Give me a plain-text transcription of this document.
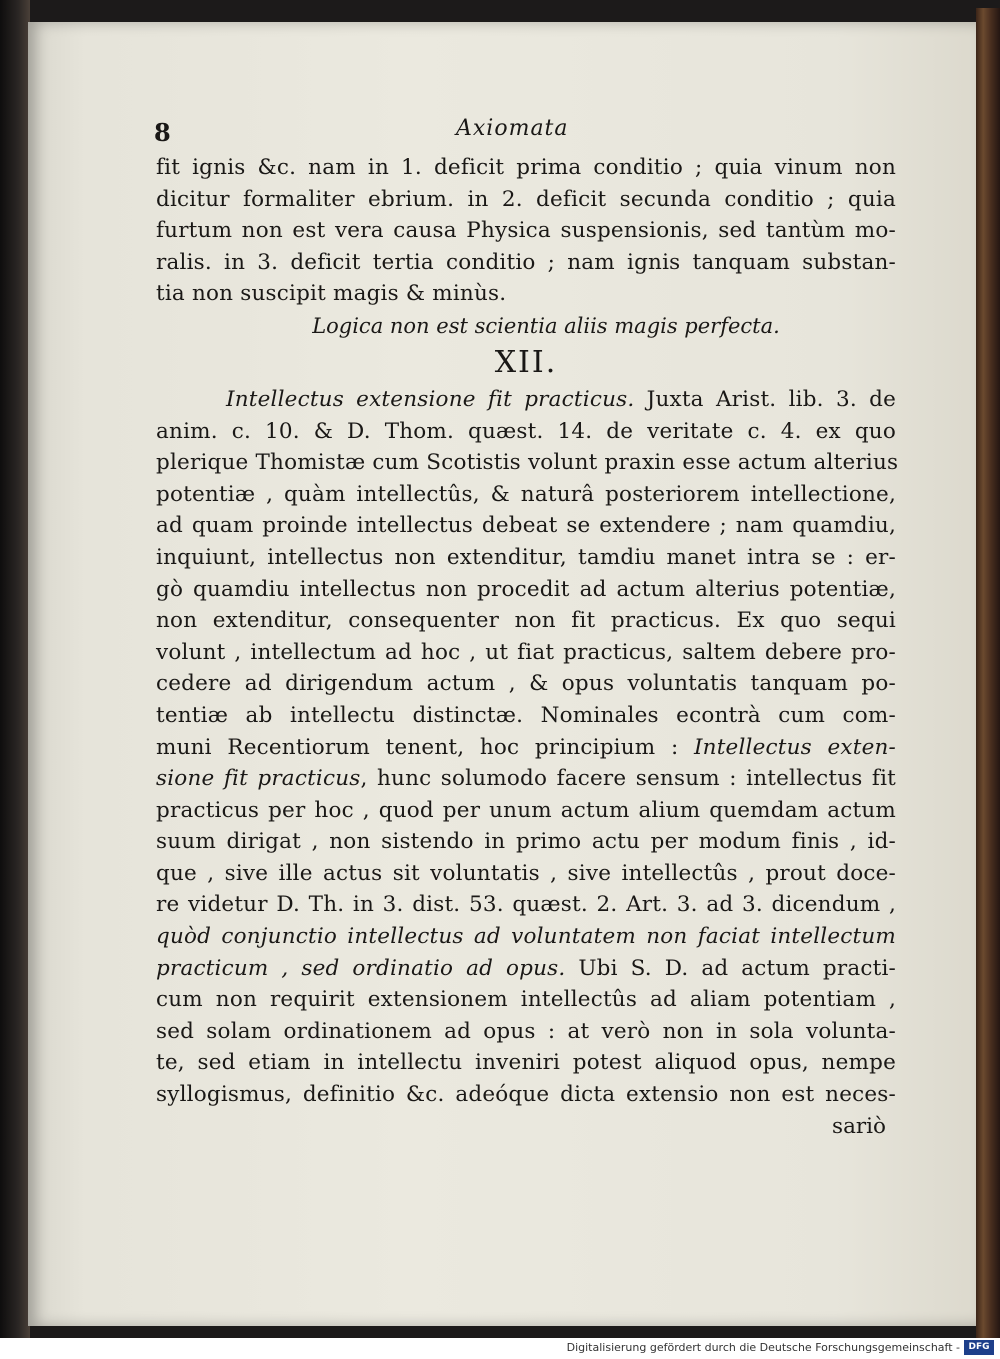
8	Axiomata
fit ignis &c. nam in 1. deficit prima conditio ; quia vinum non
dicitur formaliter ebrium. in 2. deficit secunda conditio ; quia
furtum non est vera causa Physica suspensionis, sed tantùm mo-
ralis. in 3. deficit tertia conditio ; nam ignis tanquam substan-
tia non suscipit magis & minùs.
Logica non est scientia aliis magis perfecta.
XII.
Intellectus extensione fit practicus. Juxta Arist. lib. 3. de
anim. c. 10. & D. Thom. quæst. 14. de veritate c. 4. ex quo
plerique Thomistæ cum Scotistis volunt praxin esse actum alterius
potentiæ , quàm intellectûs, & naturâ posteriorem intellectione,
ad quam proinde intellectus debeat se extendere ; nam quamdiu,
inquiunt, intellectus non extenditur, tamdiu manet intra se : er-
gò quamdiu intellectus non procedit ad actum alterius potentiæ,
non extenditur, consequenter non fit practicus. Ex quo sequi
volunt , intellectum ad hoc , ut fiat practicus, saltem debere pro-
cedere ad dirigendum actum , & opus voluntatis tanquam po-
tentiæ ab intellectu distinctæ. Nominales econtrà cum com-
muni Recentiorum tenent, hoc principium : Intellectus exten-
sione fit practicus, hunc solumodo facere sensum : intellectus fit
practicus per hoc , quod per unum actum alium quemdam actum
suum dirigat , non sistendo in primo actu per modum finis , id-
que , sive ille actus sit voluntatis , sive intellectûs , prout doce-
re videtur D. Th. in 3. dist. 53. quæst. 2. Art. 3. ad 3. dicendum ,
quòd conjunctio intellectus ad voluntatem non faciat intellectum
practicum , sed ordinatio ad opus. Ubi S. D. ad actum practi-
cum non requirit extensionem intellectûs ad aliam potentiam ,
sed solam ordinationem ad opus : at verò non in sola volunta-
te, sed etiam in intellectu inveniri potest aliquod opus, nempe
syllogismus, definitio &c. adeóque dicta extensio non est neces-
sariò
Digitalisierung gefördert durch die Deutsche Forschungsgemeinschaft - DFG
